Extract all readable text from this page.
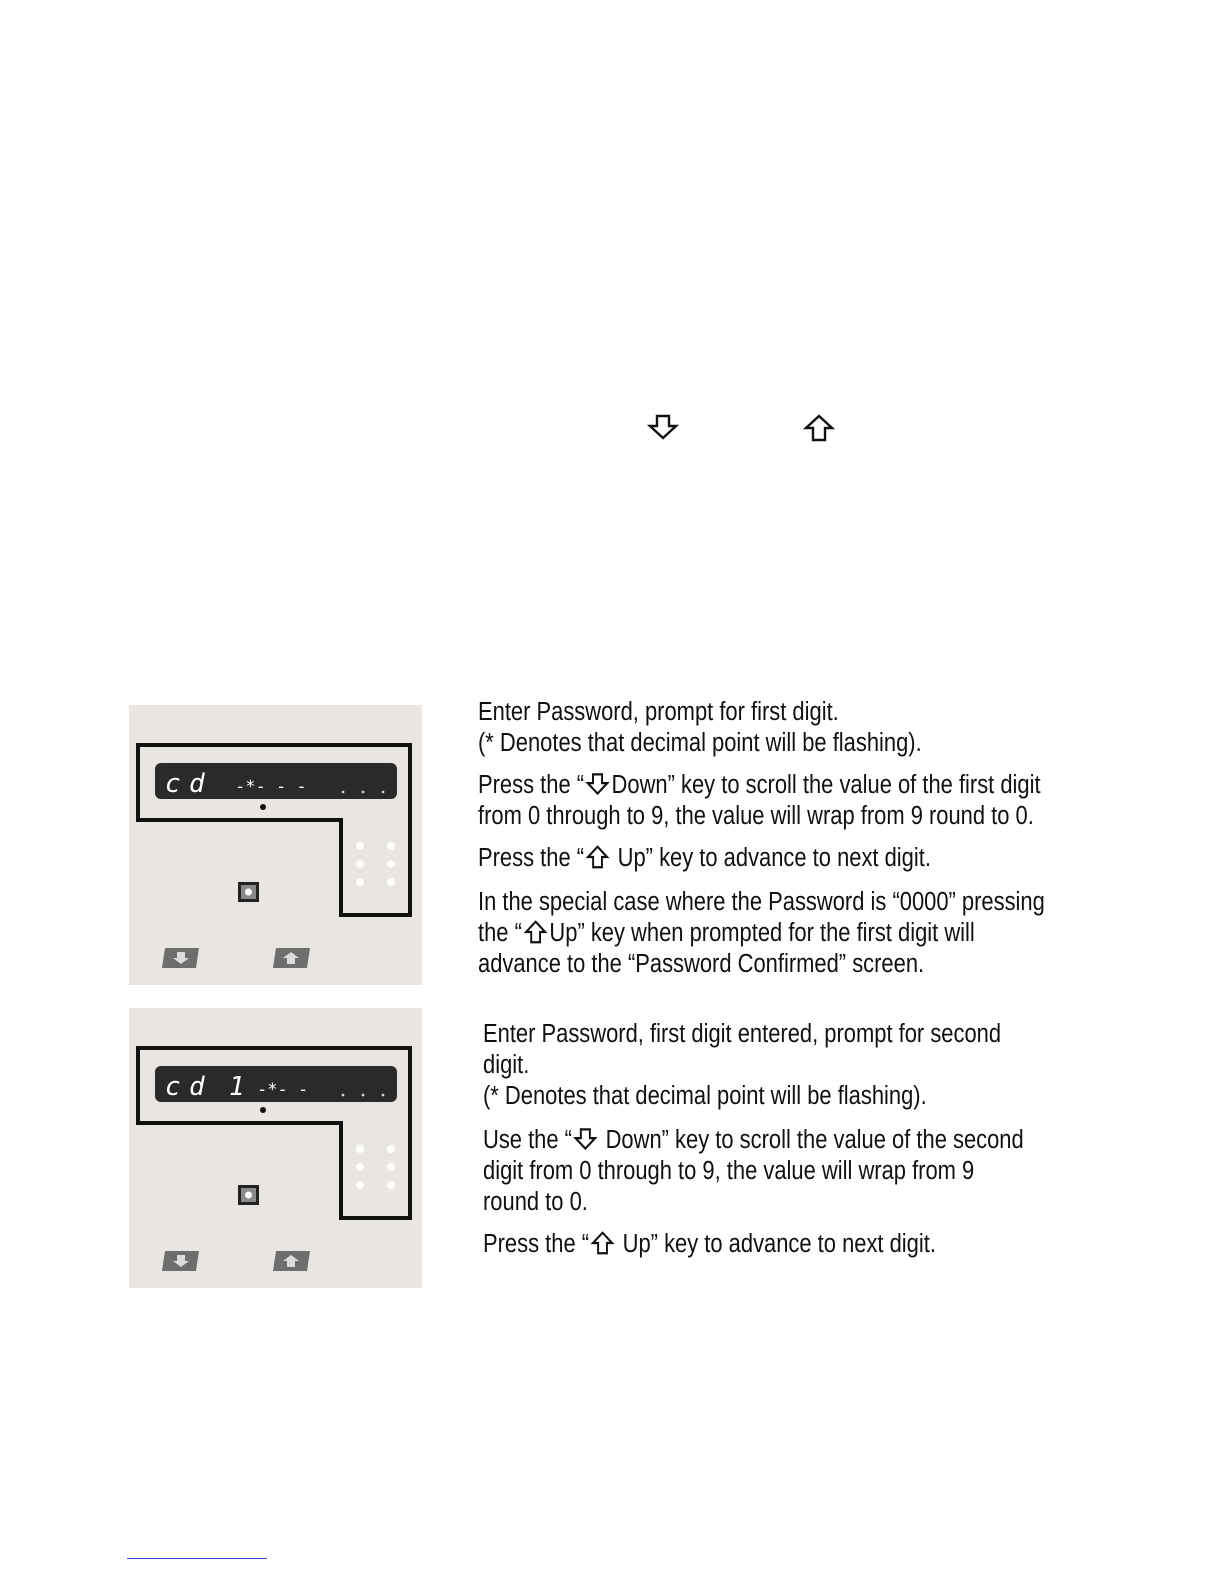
c d -*- - -

Enter Password, prompt for first digit.

(* Denotes that decimal point will be flashing).

Press the “ Down” key to scroll the value of the first digit

from 0 through to 9, the value will wrap from 9 round to 0.

Press the “ Up” key to advance to next digit.

In the special case where the Password is “0000” pressing

the “ Up” key when prompted for the first digit will

advance to the “Password Confirmed” screen.

c d 1 -*- -

Enter Password, first digit entered, prompt for second

digit.

(* Denotes that decimal point will be flashing).

Use the “ Down” key to scroll the value of the second

digit from 0 through to 9, the value will wrap from 9

round to 0.

Press the “ Up” key to advance to next digit.
